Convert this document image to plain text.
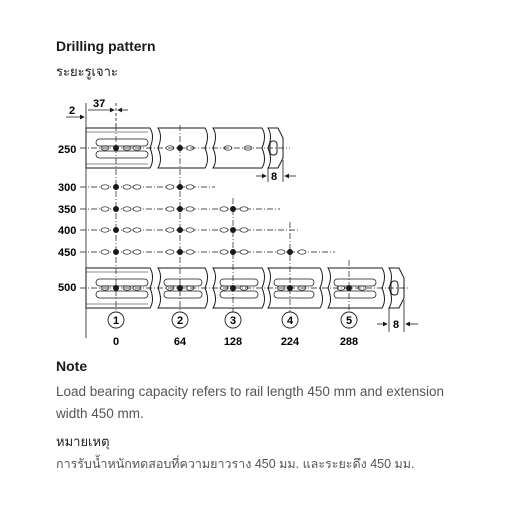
Drilling pattern
ระยะรูเจาะ
2
37
250
300
350
400
450
500
8
8
1	2	3	4	5
0	64	128	224	288
Note
Load bearing capacity refers to rail length 450 mm and extension width 450 mm.
หมายเหตุ
การรับน้ำหนักทดสอบที่ความยาวราง 450 มม. และระยะดึง 450 มม.
